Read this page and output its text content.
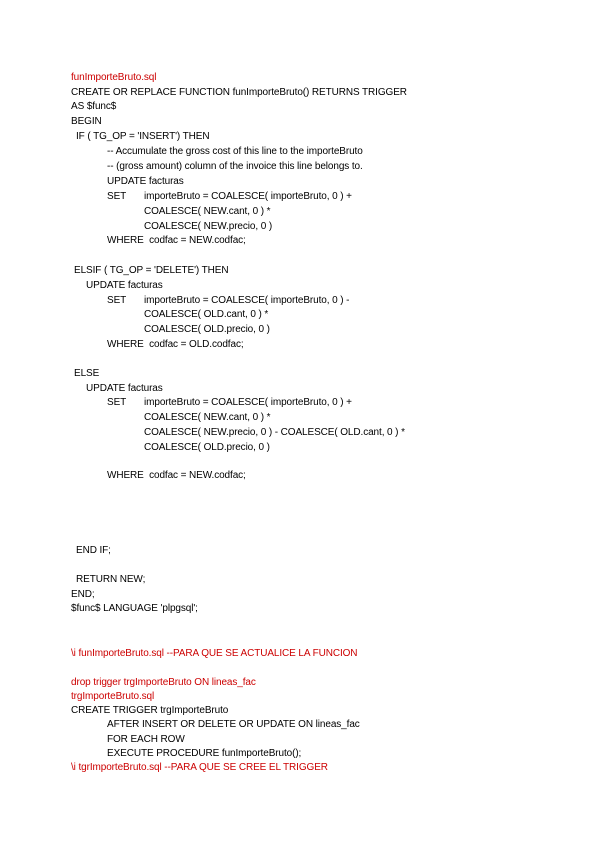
funImporteBruto.sql
CREATE OR REPLACE FUNCTION funImporteBruto() RETURNS TRIGGER
AS $func$
BEGIN
IF ( TG_OP = 'INSERT') THEN
-- Accumulate the gross cost of this line to the importeBruto
-- (gross amount) column of the invoice this line belongs to.
UPDATE facturas
SET importeBruto = COALESCE( importeBruto, 0 ) +
COALESCE( NEW.cant, 0 ) *
COALESCE( NEW.precio, 0 )
WHERE  codfac = NEW.codfac;
ELSIF ( TG_OP = 'DELETE') THEN
UPDATE facturas
SET importeBruto = COALESCE( importeBruto, 0 ) -
COALESCE( OLD.cant, 0 ) *
COALESCE( OLD.precio, 0 )
WHERE  codfac = OLD.codfac;
ELSE
UPDATE facturas
SET importeBruto = COALESCE( importeBruto, 0 ) +
COALESCE( NEW.cant, 0 ) *
COALESCE( NEW.precio, 0 ) - COALESCE( OLD.cant, 0 ) *
COALESCE( OLD.precio, 0 )
WHERE  codfac = NEW.codfac;
END IF;
RETURN NEW;
END;
$func$ LANGUAGE 'plpgsql';
\i funImporteBruto.sql --PARA QUE SE ACTUALICE LA FUNCION
drop trigger trgImporteBruto ON lineas_fac
trgImporteBruto.sql
CREATE TRIGGER trgImporteBruto
AFTER INSERT OR DELETE OR UPDATE ON lineas_fac
FOR EACH ROW
EXECUTE PROCEDURE funImporteBruto();
\i tgrImporteBruto.sql --PARA QUE SE CREE EL TRIGGER
